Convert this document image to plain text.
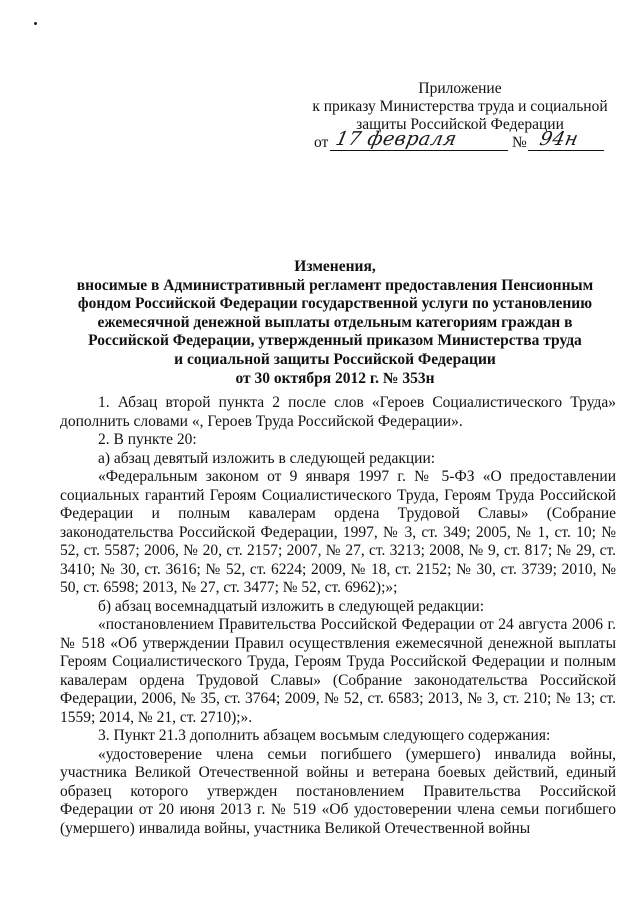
Приложение
к приказу Министерства труда и социальной
защиты Российской Федерации
от 17 февраля	№ 94н
Изменения,
вносимые в Административный регламент предоставления Пенсионным
фондом Российской Федерации государственной услуги по установлению
ежемесячной денежной выплаты отдельным категориям граждан в
Российской Федерации, утвержденный приказом Министерства труда
и социальной защиты Российской Федерации
от 30 октября 2012 г. № 353н

1. Абзац второй пункта 2 после слов «Героев Социалистического Труда» дополнить словами «, Героев Труда Российской Федерации».

2. В пункте 20:

а) абзац девятый изложить в следующей редакции:

«Федеральным законом от 9 января 1997 г. № 5-ФЗ «О предоставлении социальных гарантий Героям Социалистического Труда, Героям Труда Российской Федерации и полным кавалерам ордена Трудовой Славы» (Собрание законодательства Российской Федерации, 1997, № 3, ст. 349; 2005, № 1, ст. 10; № 52, ст. 5587; 2006, № 20, ст. 2157; 2007, № 27, ст. 3213; 2008, № 9, ст. 817; № 29, ст. 3410; № 30, ст. 3616; № 52, ст. 6224; 2009, № 18, ст. 2152; № 30, ст. 3739; 2010, № 50, ст. 6598; 2013, № 27, ст. 3477; № 52, ст. 6962);»;

б) абзац восемнадцатый изложить в следующей редакции:

«постановлением Правительства Российской Федерации от 24 августа 2006 г. № 518 «Об утверждении Правил осуществления ежемесячной денежной выплаты Героям Социалистического Труда, Героям Труда Российской Федерации и полным кавалерам ордена Трудовой Славы» (Собрание законодательства Российской Федерации, 2006, № 35, ст. 3764; 2009, № 52, ст. 6583; 2013, № 3, ст. 210; № 13; ст. 1559; 2014, № 21, ст. 2710);».

3. Пункт 21.3 дополнить абзацем восьмым следующего содержания:

«удостоверение члена семьи погибшего (умершего) инвалида войны, участника Великой Отечественной войны и ветерана боевых действий, единый образец которого утвержден постановлением Правительства Российской Федерации от 20 июня 2013 г. № 519 «Об удостоверении члена семьи погибшего (умершего) инвалида войны, участника Великой Отечественной войны
